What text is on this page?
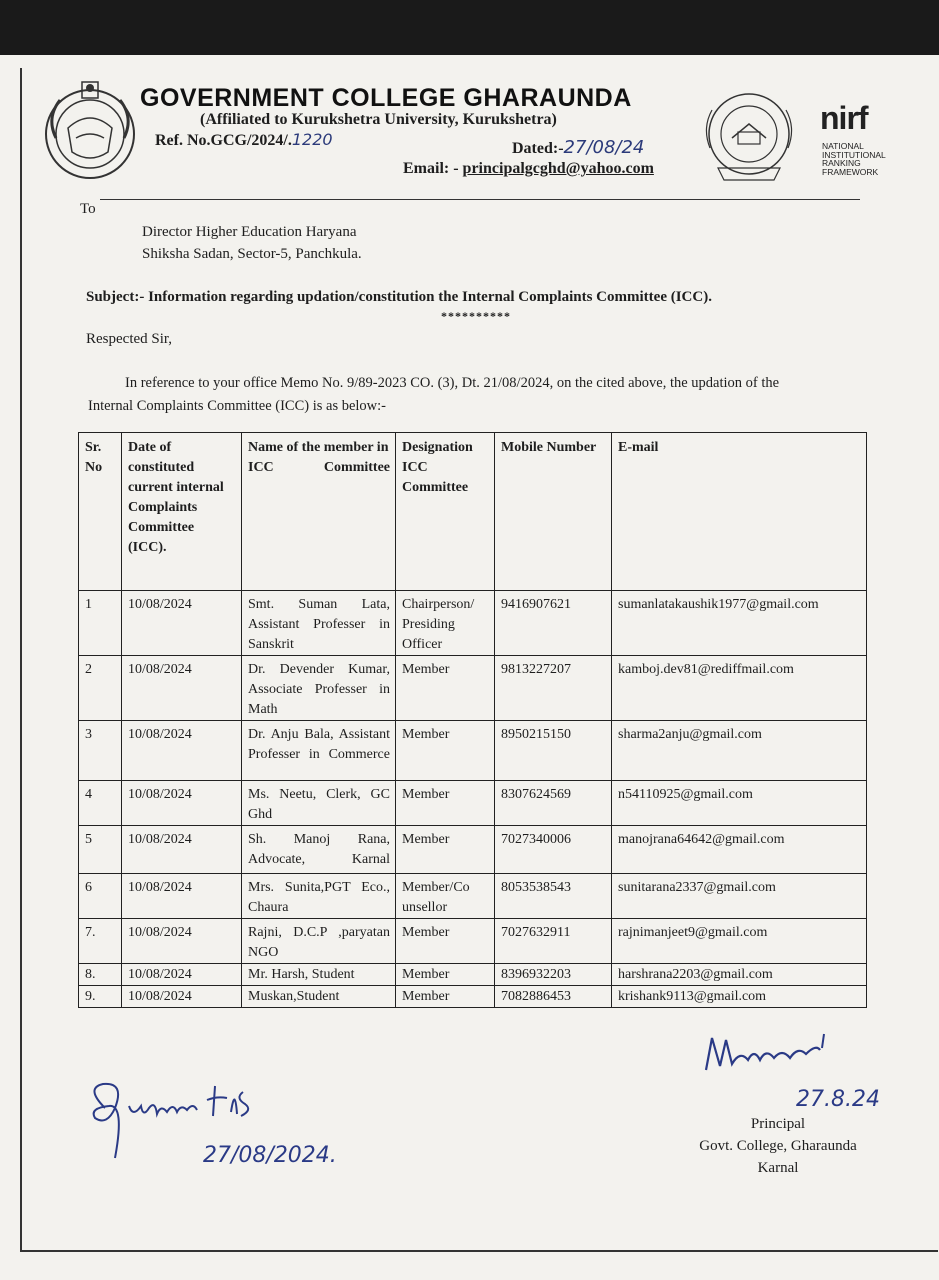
GOVERNMENT COLLEGE GHARAUNDA
(Affiliated to Kurukshetra University, Kurukshetra)
Ref. No.GCG/2024/.1220	Dated:-27/08/24
Email: - principalgcghd@yahoo.com
nirf
NATIONAL
INSTITUTIONAL
RANKING
FRAMEWORK
To
Director Higher Education Haryana
Shiksha Sadan, Sector-5, Panchkula.
Subject:- Information regarding updation/constitution the Internal Complaints Committee (ICC).
**********
Respected Sir,
In reference to your office Memo No. 9/89-2023 CO. (3), Dt. 21/08/2024, on the cited above, the updation of the
Internal Complaints Committee (ICC) is as below:-
Sr. No	Date of constituted current internal Complaints Committee (ICC).	Name of the member in ICC Committee	Designation ICC Committee	Mobile Number	E-mail
1	10/08/2024	Smt. Suman Lata, Assistant Professer in Sanskrit	Chairperson/ Presiding Officer	9416907621	sumanlatakaushik1977@gmail.com
2	10/08/2024	Dr. Devender Kumar, Associate Professer in Math	Member	9813227207	kamboj.dev81@rediffmail.com
3	10/08/2024	Dr. Anju Bala, Assistant Professer in Commerce	Member	8950215150	sharma2anju@gmail.com
4	10/08/2024	Ms. Neetu, Clerk, GC Ghd	Member	8307624569	n54110925@gmail.com
5	10/08/2024	Sh. Manoj Rana, Advocate, Karnal	Member	7027340006	manojrana64642@gmail.com
6	10/08/2024	Mrs. Sunita,PGT Eco., Chaura	Member/Co unsellor	8053538543	sunitarana2337@gmail.com
7.	10/08/2024	Rajni, D.C.P ,paryatan NGO	Member	7027632911	rajnimanjeet9@gmail.com
8.	10/08/2024	Mr. Harsh, Student	Member	8396932203	harshrana2203@gmail.com
9.	10/08/2024	Muskan,Student	Member	7082886453	krishank9113@gmail.com
27/08/2024.
27.8.24
Principal
Govt. College, Gharaunda
Karnal
